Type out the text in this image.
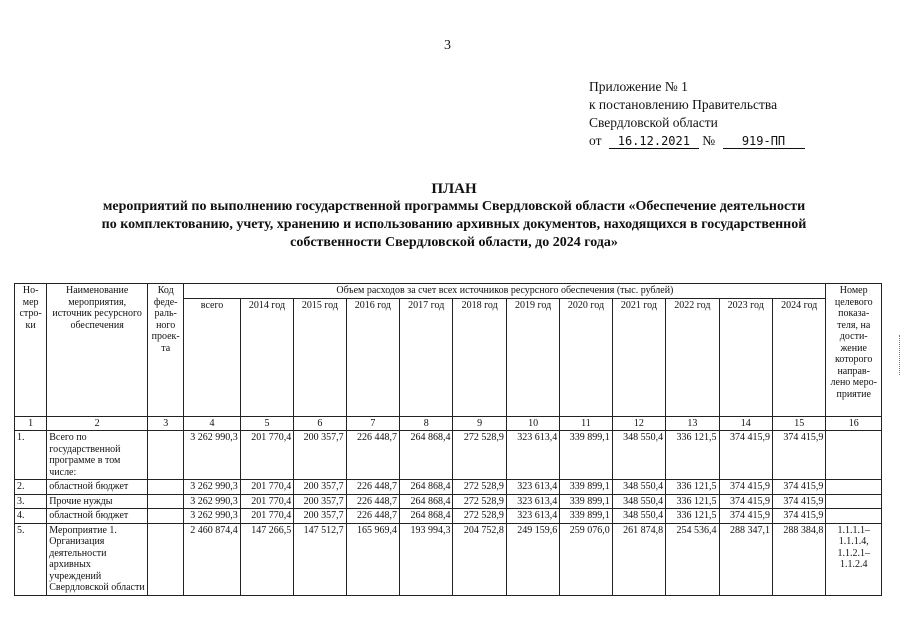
3
Приложение № 1
к постановлению Правительства
Свердловской области
от 16.12.2021 № 919-ПП
ПЛАН
мероприятий по выполнению государственной программы Свердловской области «Обеспечение деятельности
по комплектованию, учету, хранению и использованию архивных документов, находящихся в государственной
собственности Свердловской области, до 2024 года»
Но-мер стро-ки	Наименование мероприятия, источник ресурсного обеспечения	Код феде-раль-ного проек-та	Объем расходов за счет всех источников ресурсного обеспечения (тыс. рублей)												Номер целевого показа-теля, на дости-жение которого направ-лено меро-приятие
			всего	2014 год	2015 год	2016 год	2017 год	2018 год	2019 год	2020 год	2021 год	2022 год	2023 год	2024 год	
1	2	3	4	5	6	7	8	9	10	11	12	13	14	15	16
1.	Всего по государственной программе в том числе:		3 262 990,3	201 770,4	200 357,7	226 448,7	264 868,4	272 528,9	323 613,4	339 899,1	348 550,4	336 121,5	374 415,9	374 415,9	
2.	областной бюджет		3 262 990,3	201 770,4	200 357,7	226 448,7	264 868,4	272 528,9	323 613,4	339 899,1	348 550,4	336 121,5	374 415,9	374 415,9	
3.	Прочие нужды		3 262 990,3	201 770,4	200 357,7	226 448,7	264 868,4	272 528,9	323 613,4	339 899,1	348 550,4	336 121,5	374 415,9	374 415,9	
4.	областной бюджет		3 262 990,3	201 770,4	200 357,7	226 448,7	264 868,4	272 528,9	323 613,4	339 899,1	348 550,4	336 121,5	374 415,9	374 415,9	
5.	Мероприятие 1. Организация деятельности архивных учреждений Свердловской области		2 460 874,4	147 266,5	147 512,7	165 969,4	193 994,3	204 752,8	249 159,6	259 076,0	261 874,8	254 536,4	288 347,1	288 384,8	1.1.1.1– 1.1.1.4, 1.1.2.1– 1.1.2.4
